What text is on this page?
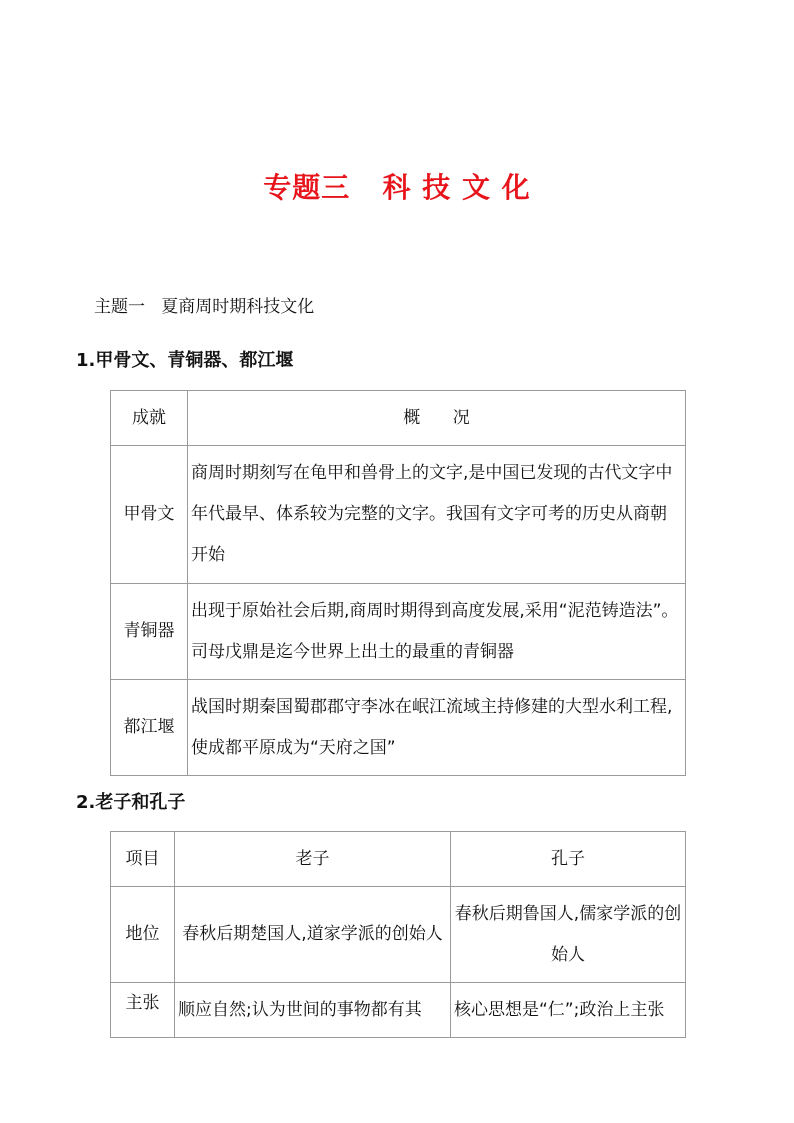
专题三   科 技 文 化
主题一   夏商周时期科技文化
1.甲骨文、青铜器、都江堰
成就	概      况
甲骨文	商周时期刻写在龟甲和兽骨上的文字,是中国已发现的古代文字中年代最早、体系较为完整的文字。我国有文字可考的历史从商朝开始
青铜器	出现于原始社会后期,商周时期得到高度发展,采用“泥范铸造法”。司母戊鼎是迄今世界上出土的最重的青铜器
都江堰	战国时期秦国蜀郡郡守李冰在岷江流域主持修建的大型水利工程,使成都平原成为“天府之国”
2.老子和孔子
项目	老子	孔子
地位	春秋后期楚国人,道家学派的创始人	春秋后期鲁国人,儒家学派的创始人
主张	顺应自然;认为世间的事物都有其	核心思想是“仁”;政治上主张
